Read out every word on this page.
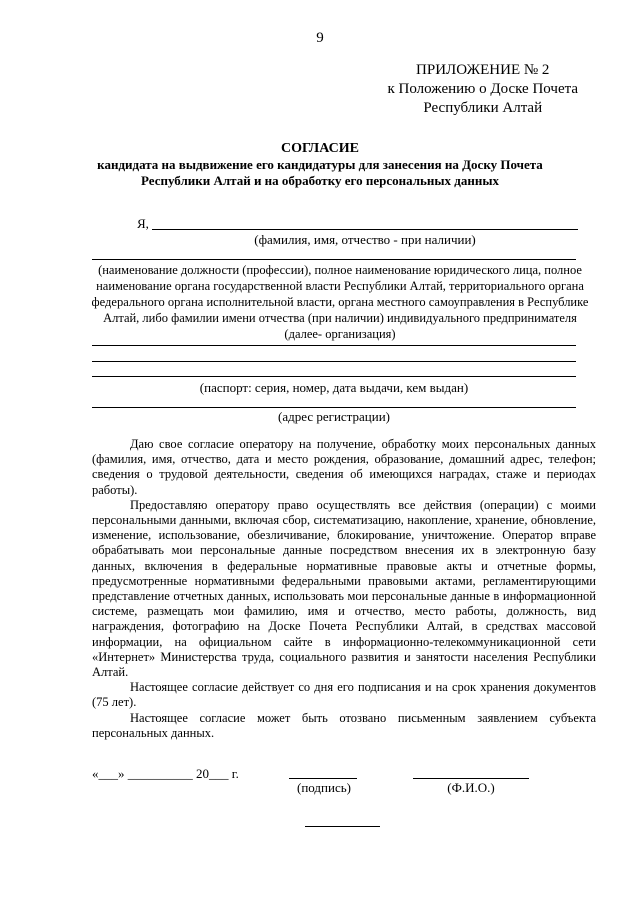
9
ПРИЛОЖЕНИЕ № 2
к Положению о Доске Почета
Республики Алтай
СОГЛАСИЕ
кандидата на выдвижение его кандидатуры для занесения на Доску Почета Республики Алтай и на обработку его персональных данных
Я,
(фамилия, имя, отчество - при наличии)
(наименование должности (профессии), полное наименование юридического лица, полное наименование органа государственной власти Республики Алтай, территориального органа федерального органа исполнительной власти, органа местного самоуправления в Республике Алтай, либо фамилии имени отчества (при наличии) индивидуального предпринимателя (далее- организация)
(паспорт: серия, номер, дата выдачи, кем выдан)
(адрес регистрации)

Даю свое согласие оператору на получение, обработку моих персональных данных (фамилия, имя, отчество, дата и место рождения, образование, домашний адрес, телефон; сведения о трудовой деятельности, сведения об имеющихся наградах, стаже и периодах работы).

Предоставляю оператору право осуществлять все действия (операции) с моими персональными данными, включая сбор, систематизацию, накопление, хранение, обновление, изменение, использование, обезличивание, блокирование, уничтожение. Оператор вправе обрабатывать мои персональные данные посредством внесения их в электронную базу данных, включения в федеральные нормативные правовые акты и отчетные формы, предусмотренные нормативными федеральными правовыми актами, регламентирующими представление отчетных данных, использовать мои персональные данные в информационной системе, размещать мои фамилию, имя и отчество, место работы, должность, вид награждения, фотографию на Доске Почета Республики Алтай, в средствах массовой информации, на официальном сайте в информационно-телекоммуникационной сети «Интернет» Министерства труда, социального развития и занятости населения Республики Алтай.

Настоящее согласие действует со дня его подписания и на срок хранения документов (75 лет).

Настоящее согласие может быть отозвано письменным заявлением субъекта персональных данных.

«___» __________ 20___ г.
(подпись)	(Ф.И.О.)
